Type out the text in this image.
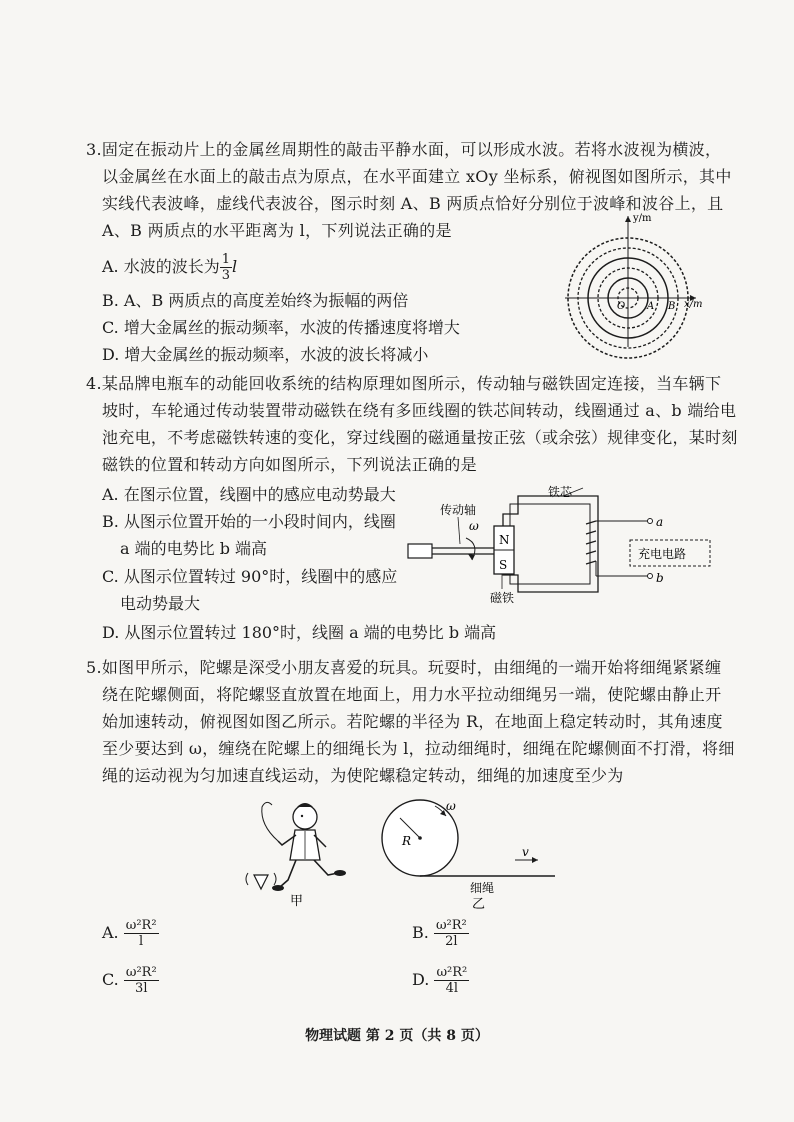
3.固定在振动片上的金属丝周期性的敲击平静水面，可以形成水波。若将水波视为横波，
以金属丝在水面上的敲击点为原点，在水平面建立 xOy 坐标系，俯视图如图所示，其中
实线代表波峰，虚线代表波谷，图示时刻 A、B 两质点恰好分别位于波峰和波谷上，且
A、B 两质点的水平距离为 l，下列说法正确的是
A. 水波的波长为 $\frac{1}{3}$ l
B. A、B 两质点的高度差始终为振幅的两倍
C. 增大金属丝的振动频率，水波的传播速度将增大
D. 增大金属丝的振动频率，水波的波长将减小
y/m
x/m
O A B
4.某品牌电瓶车的动能回收系统的结构原理如图所示，传动轴与磁铁固定连接，当车辆下
坡时，车轮通过传动装置带动磁铁在绕有多匝线圈的铁芯间转动，线圈通过 a、b 端给电
池充电，不考虑磁铁转速的变化，穿过线圈的磁通量按正弦（或余弦）规律变化，某时刻
磁铁的位置和转动方向如图所示，下列说法正确的是
A. 在图示位置，线圈中的感应电动势最大
B. 从图示位置开始的一小段时间内，线圈
a 端的电势比 b 端高
C. 从图示位置转过 90°时，线圈中的感应
电动势最大
D. 从图示位置转过 180°时，线圈 a 端的电势比 b 端高
铁芯
N
S
ω
传动轴
磁铁
a
b
充电电路
5.如图甲所示，陀螺是深受小朋友喜爱的玩具。玩耍时，由细绳的一端开始将细绳紧紧缠
绕在陀螺侧面，将陀螺竖直放置在地面上，用力水平拉动细绳另一端，使陀螺由静止开
始加速转动，俯视图如图乙所示。若陀螺的半径为 R，在地面上稳定转动时，其角速度
至少要达到 ω，缠绕在陀螺上的细绳长为 l，拉动细绳时，细绳在陀螺侧面不打滑，将细
绳的运动视为匀加速直线运动，为使陀螺稳定转动，细绳的加速度至少为
甲
R
ω
v
细绳
乙
A. $\frac{\text{ω²R²}}{l}$	B. $\frac{\text{ω²R²}}{2l}$
C. $\frac{\text{ω²R²}}{3l}$	D. $\frac{\text{ω²R²}}{4l}$
物理试题 第 2 页（共 8 页）
